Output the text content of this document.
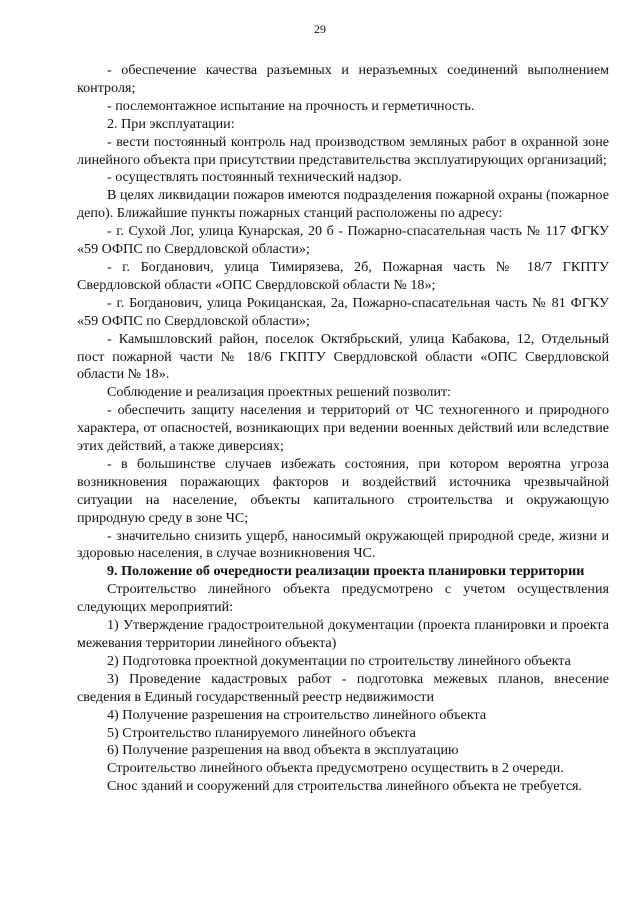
29

- обеспечение качества разъемных и неразъемных соединений выполнением контроля;

- послемонтажное испытание на прочность и герметичность.

2. При эксплуатации:

- вести постоянный контроль над производством земляных работ в охранной зоне линейного объекта при присутствии представительства эксплуатирующих организаций;

- осуществлять постоянный технический надзор.

В целях ликвидации пожаров имеются подразделения пожарной охраны (пожарное депо). Ближайшие пункты пожарных станций расположены по адресу:

- г. Сухой Лог, улица Кунарская, 20 б - Пожарно-спасательная часть № 117 ФГКУ «59 ОФПС по Свердловской области»;

- г. Богданович, улица Тимирязева, 2б, Пожарная часть № 18/7 ГКПТУ Свердловской области «ОПС Свердловской области № 18»;

- г. Богданович, улица Рокицанская, 2а, Пожарно-спасательная часть № 81 ФГКУ «59 ОФПС по Свердловской области»;

- Камышловский район, поселок Октябрьский, улица Кабакова, 12, Отдельный пост пожарной части № 18/6 ГКПТУ Свердловской области «ОПС Свердловской области № 18».

Соблюдение и реализация проектных решений позволит:

- обеспечить защиту населения и территорий от ЧС техногенного и природного характера, от опасностей, возникающих при ведении военных действий или вследствие этих действий, а также диверсиях;

- в большинстве случаев избежать состояния, при котором вероятна угроза возникновения поражающих факторов и воздействий источника чрезвычайной ситуации на население, объекты капитального строительства и окружающую природную среду в зоне ЧС;

- значительно снизить ущерб, наносимый окружающей природной среде, жизни и здоровью населения, в случае возникновения ЧС.

9. Положение об очередности реализации проекта планировки территории

Строительство линейного объекта предусмотрено с учетом осуществления следующих мероприятий:

1) Утверждение градостроительной документации (проекта планировки и проекта межевания территории линейного объекта)

2) Подготовка проектной документации по строительству линейного объекта

3) Проведение кадастровых работ - подготовка межевых планов, внесение сведения в Единый государственный реестр недвижимости

4) Получение разрешения на строительство линейного объекта

5) Строительство планируемого линейного объекта

6) Получение разрешения на ввод объекта в эксплуатацию

Строительство линейного объекта предусмотрено осуществить в 2 очереди.

Снос зданий и сооружений для строительства линейного объекта не требуется.
